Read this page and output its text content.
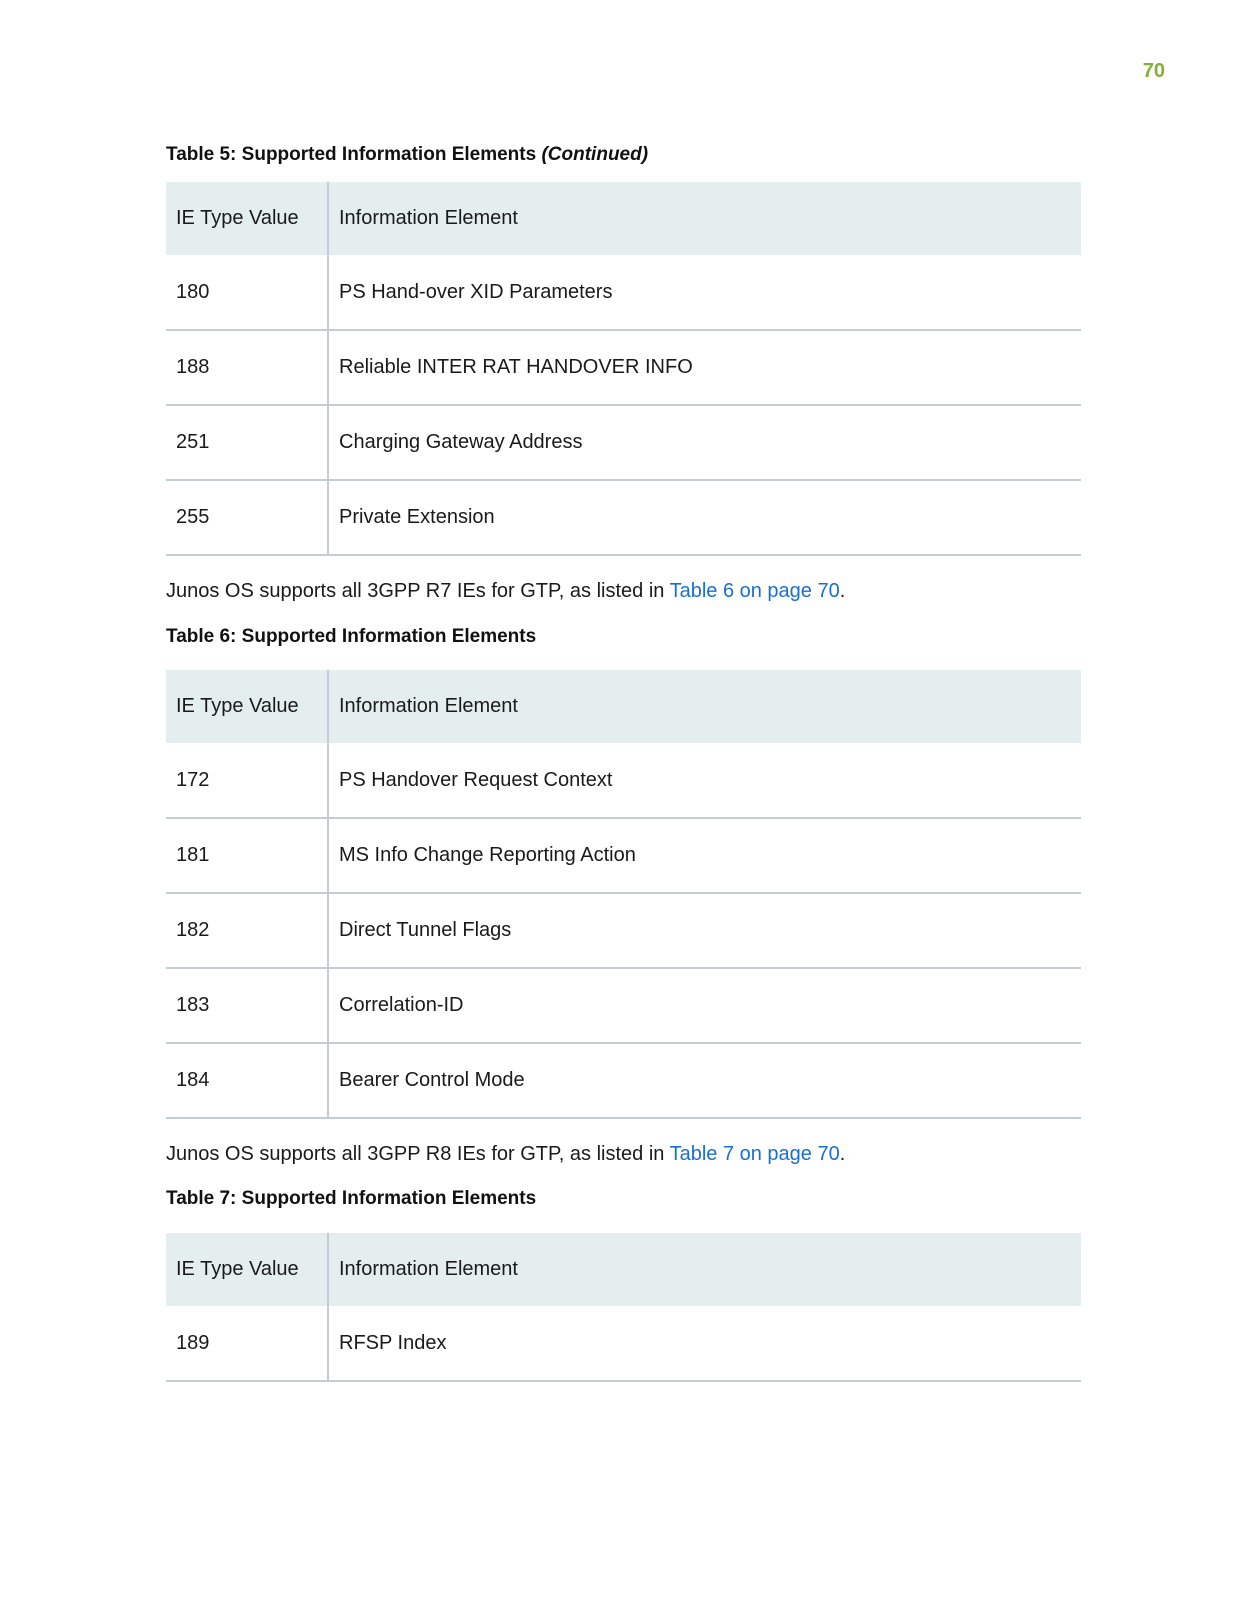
70
Table 5: Supported Information Elements (Continued)
IE Type Value	Information Element
180	PS Hand-over XID Parameters
188	Reliable INTER RAT HANDOVER INFO
251	Charging Gateway Address
255	Private Extension
Junos OS supports all 3GPP R7 IEs for GTP, as listed in Table 6 on page 70.
Table 6: Supported Information Elements
IE Type Value	Information Element
172	PS Handover Request Context
181	MS Info Change Reporting Action
182	Direct Tunnel Flags
183	Correlation-ID
184	Bearer Control Mode
Junos OS supports all 3GPP R8 IEs for GTP, as listed in Table 7 on page 70.
Table 7: Supported Information Elements
IE Type Value	Information Element
189	RFSP Index
